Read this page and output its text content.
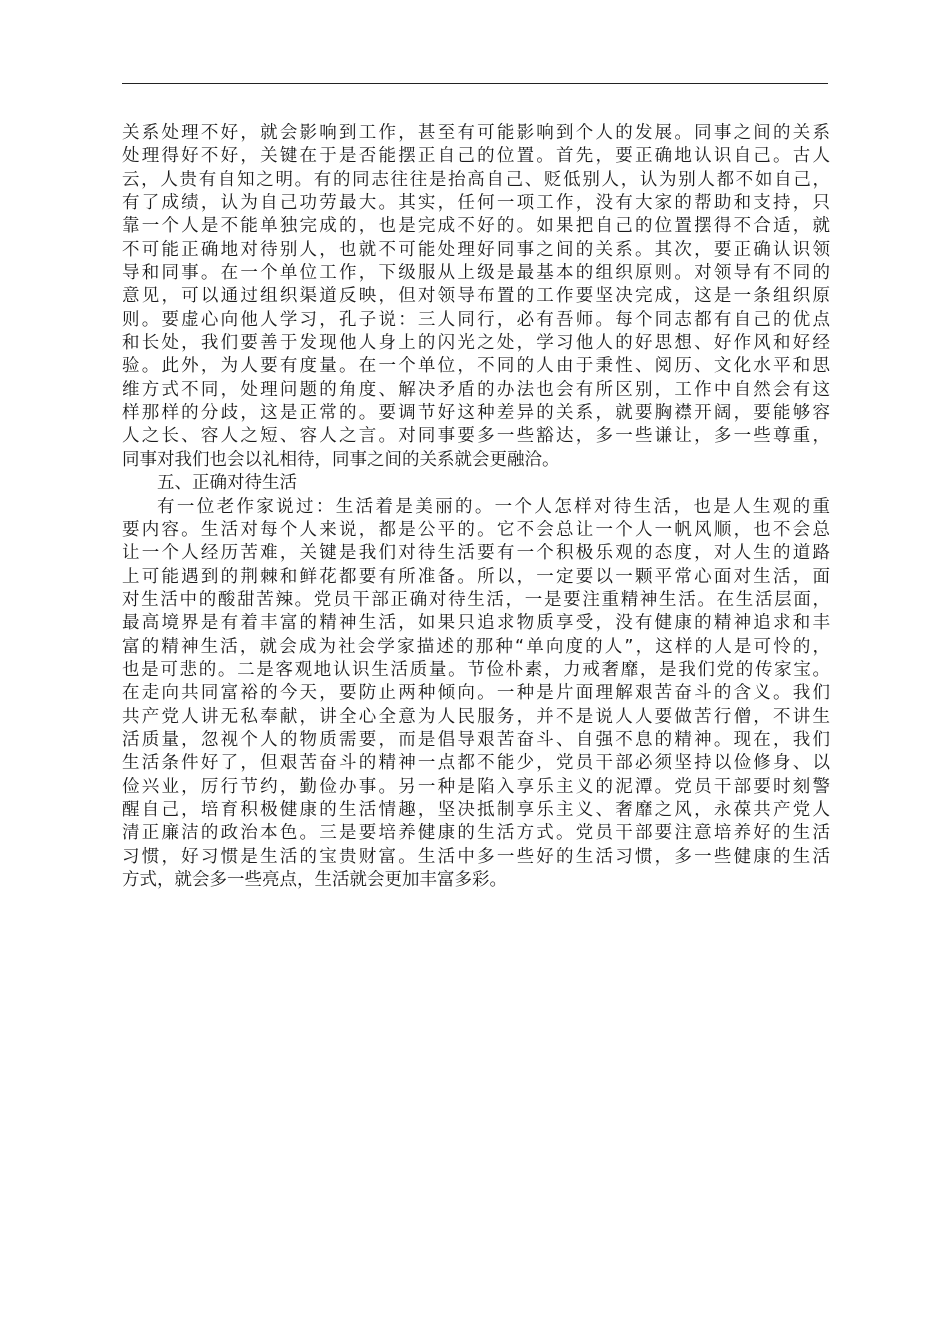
关系处理不好，就会影响到工作，甚至有可能影响到个人的发展。同事之间的关系
处理得好不好，关键在于是否能摆正自己的位置。首先，要正确地认识自己。古人
云，人贵有自知之明。有的同志往往是抬高自己、贬低别人，认为别人都不如自己，
有了成绩，认为自己功劳最大。其实，任何一项工作，没有大家的帮助和支持，只
靠一个人是不能单独完成的，也是完成不好的。如果把自己的位置摆得不合适，就
不可能正确地对待别人，也就不可能处理好同事之间的关系。其次，要正确认识领
导和同事。在一个单位工作，下级服从上级是最基本的组织原则。对领导有不同的
意见，可以通过组织渠道反映，但对领导布置的工作要坚决完成，这是一条组织原
则。要虚心向他人学习，孔子说：三人同行，必有吾师。每个同志都有自己的优点
和长处，我们要善于发现他人身上的闪光之处，学习他人的好思想、好作风和好经
验。此外，为人要有度量。在一个单位，不同的人由于秉性、阅历、文化水平和思
维方式不同，处理问题的角度、解决矛盾的办法也会有所区别，工作中自然会有这
样那样的分歧，这是正常的。要调节好这种差异的关系，就要胸襟开阔，要能够容
人之长、容人之短、容人之言。对同事要多一些豁达，多一些谦让，多一些尊重，
同事对我们也会以礼相待，同事之间的关系就会更融洽。
五、正确对待生活
有一位老作家说过：生活着是美丽的。一个人怎样对待生活，也是人生观的重
要内容。生活对每个人来说，都是公平的。它不会总让一个人一帆风顺，也不会总
让一个人经历苦难，关键是我们对待生活要有一个积极乐观的态度，对人生的道路
上可能遇到的荆棘和鲜花都要有所准备。所以，一定要以一颗平常心面对生活，面
对生活中的酸甜苦辣。党员干部正确对待生活，一是要注重精神生活。在生活层面，
最高境界是有着丰富的精神生活，如果只追求物质享受，没有健康的精神追求和丰
富的精神生活，就会成为社会学家描述的那种“单向度的人”，这样的人是可怜的，
也是可悲的。二是客观地认识生活质量。节俭朴素，力戒奢靡，是我们党的传家宝。
在走向共同富裕的今天，要防止两种倾向。一种是片面理解艰苦奋斗的含义。我们
共产党人讲无私奉献，讲全心全意为人民服务，并不是说人人要做苦行僧，不讲生
活质量，忽视个人的物质需要，而是倡导艰苦奋斗、自强不息的精神。现在，我们
生活条件好了，但艰苦奋斗的精神一点都不能少，党员干部必须坚持以俭修身、以
俭兴业，厉行节约，勤俭办事。另一种是陷入享乐主义的泥潭。党员干部要时刻警
醒自己，培育积极健康的生活情趣，坚决抵制享乐主义、奢靡之风，永葆共产党人
清正廉洁的政治本色。三是要培养健康的生活方式。党员干部要注意培养好的生活
习惯，好习惯是生活的宝贵财富。生活中多一些好的生活习惯，多一些健康的生活
方式，就会多一些亮点，生活就会更加丰富多彩。
